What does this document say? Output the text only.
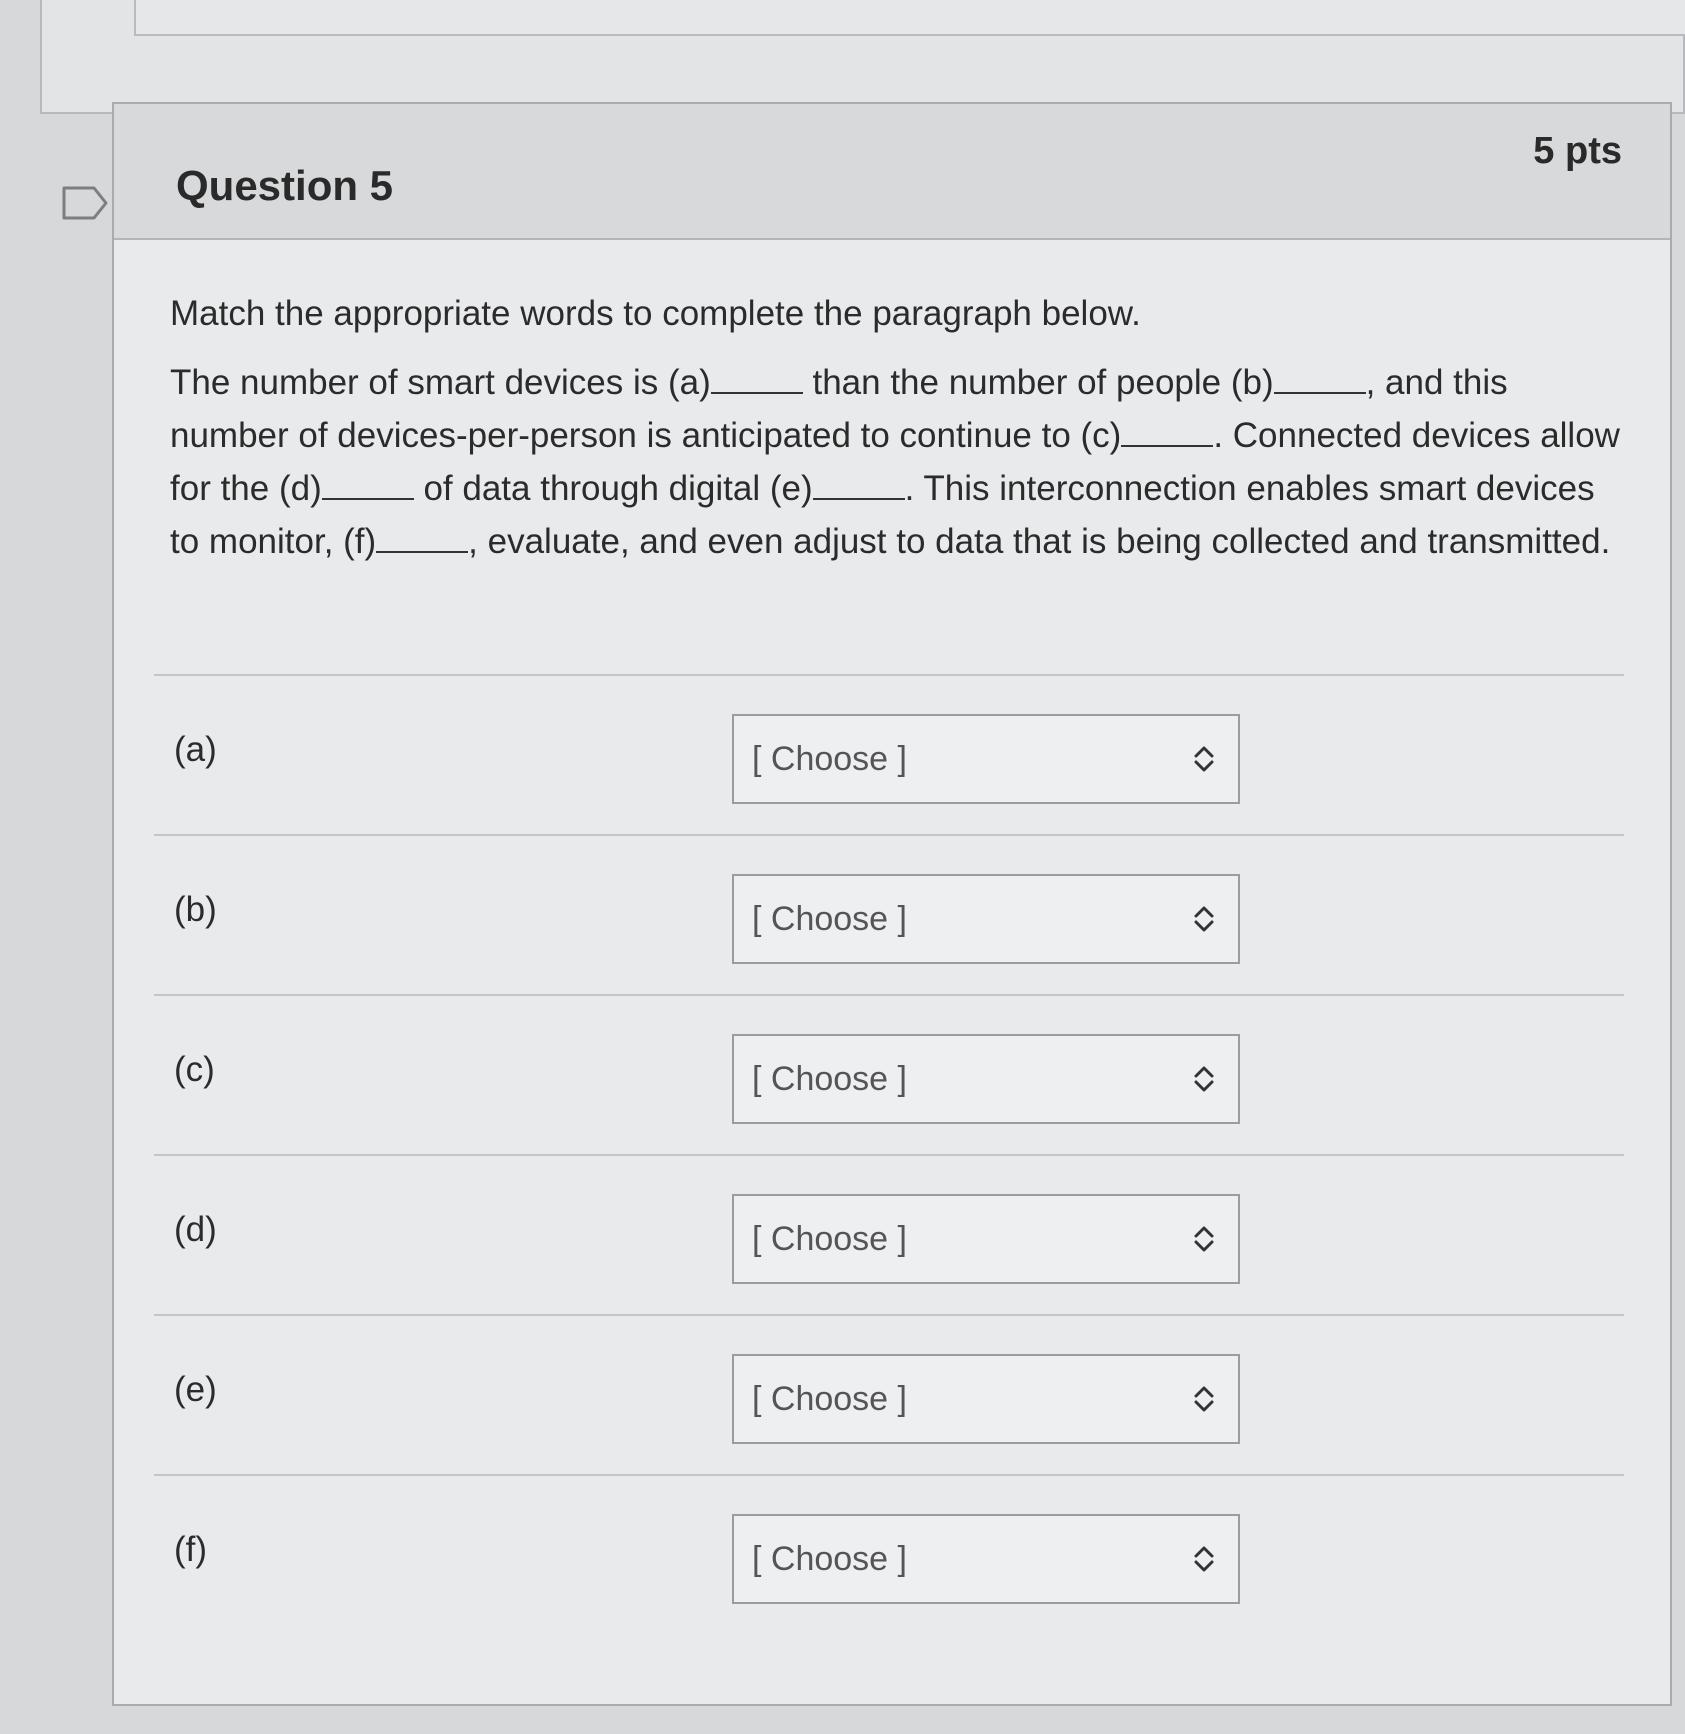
Question 5
5 pts
Match the appropriate words to complete the paragraph below.
The number of smart devices is (a)	than the number of people (b)	, and this number of devices-per-person is anticipated to continue to (c)	. Connected devices allow for the (d)	of data through digital (e)	. This interconnection enables smart devices to monitor, (f)	, evaluate, and even adjust to data that is being collected and transmitted.
(a)	[ Choose ]
(b)	[ Choose ]
(c)	[ Choose ]
(d)	[ Choose ]
(e)	[ Choose ]
(f)	[ Choose ]
